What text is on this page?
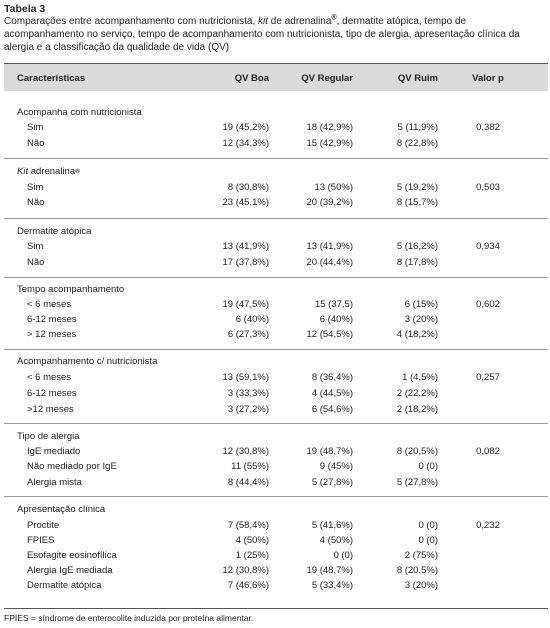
Tabela 3
Comparações entre acompanhamento com nutricionista, kit de adrenalina®, dermatite atópica, tempo de acompanhamento no serviço, tempo de acompanhamento com nutricionista, tipo de alergia, apresentação clínica da alergia e a classificação da qualidade de vida (QV)
Características	QV Boa	QV Regular	QV Ruim	Valor p
Acompanha com nutricionista
Sim	19 (45,2%)	18 (42,9%)	5 (11,9%)	0,382
Não	12 (34,3%)	15 (42,9%)	8 (22,8%)
Kit adrenalina®
Sim	8 (30,8%)	13 (50%)	5 (19,2%)	0,503
Não	23 (45,1%)	20 (39,2%)	8 (15,7%)
Dermatite atópica
Sim	13 (41,9%)	13 (41,9%)	5 (16,2%)	0,934
Não	17 (37,8%)	20 (44,4%)	8 (17,8%)
Tempo acompanhamento
< 6 meses	19 (47,5%)	15 (37,5)	6 (15%)	0,602
6-12 meses	6 (40%)	6 (40%)	3 (20%)
> 12 meses	6 (27,3%)	12 (54,5%)	4 (18,2%)
Acompanhamento c/ nutricionista
< 6 meses	13 (59,1%)	8 (36,4%)	1 (4,5%)	0,257
6-12 meses	3 (33,3%)	4 (44,5%)	2 (22,2%)
>12 meses	3 (27,2%)	6 (54,6%)	2 (18,2%)
Tipo de alergia
IgE mediado	12 (30,8%)	19 (48,7%)	8 (20,5%)	0,082
Não mediado por IgE	11 (55%)	9 (45%)	0 (0)
Alergia mista	8 (44,4%)	5 (27,8%)	5 (27,8%)
Apresentação clínica
Proctite	7 (58,4%)	5 (41,6%)	0 (0)	0,232
FPIES	4 (50%)	4 (50%)	0 (0)
Esofagite eosinofílica	1 (25%)	0 (0)	2 (75%)
Alergia IgE mediada	12 (30,8%)	19 (48,7%)	8 (20,5%)
Dermatite atópica	7 (46,6%)	5 (33,4%)	3 (20%)
FPIES = síndrome de enterocolite induzida por proteína alimentar.
